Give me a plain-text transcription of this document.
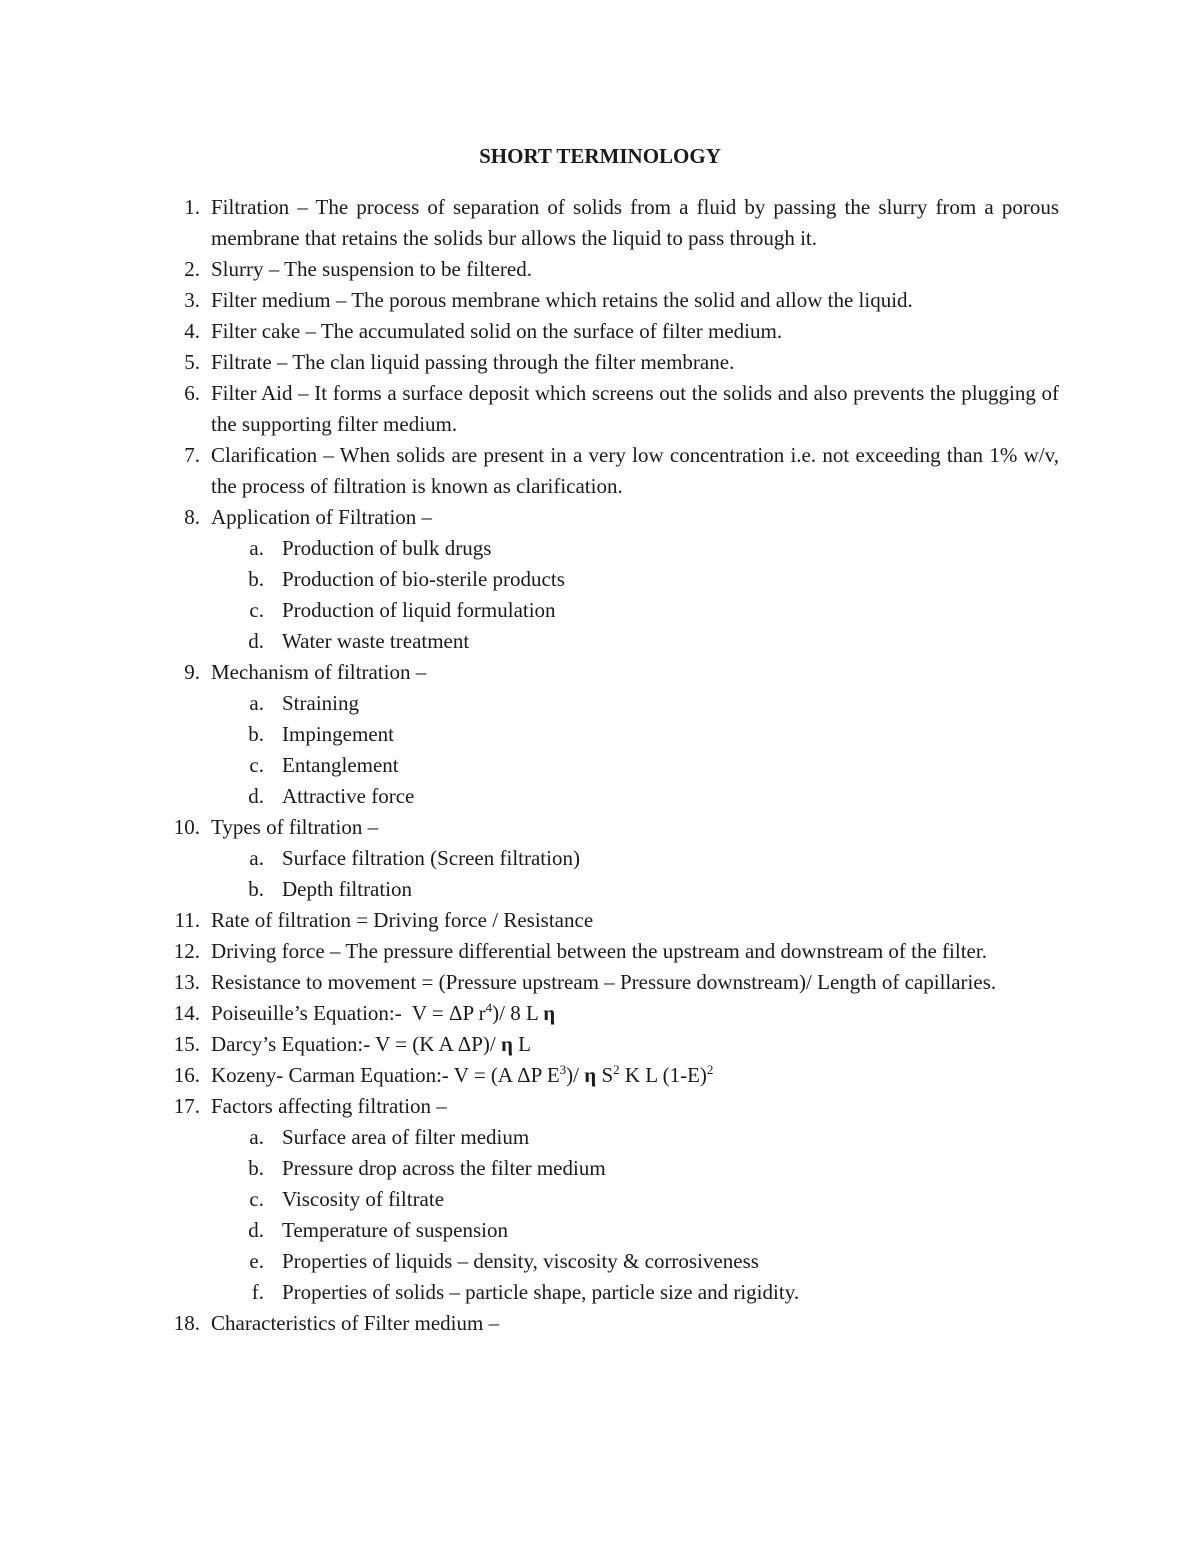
SHORT TERMINOLOGY
1. Filtration – The process of separation of solids from a fluid by passing the slurry from a porous membrane that retains the solids bur allows the liquid to pass through it.
2. Slurry – The suspension to be filtered.
3. Filter medium – The porous membrane which retains the solid and allow the liquid.
4. Filter cake – The accumulated solid on the surface of filter medium.
5. Filtrate – The clan liquid passing through the filter membrane.
6. Filter Aid – It forms a surface deposit which screens out the solids and also prevents the plugging of the supporting filter medium.
7. Clarification – When solids are present in a very low concentration i.e. not exceeding than 1% w/v, the process of filtration is known as clarification.
8. Application of Filtration –
a. Production of bulk drugs
b. Production of bio-sterile products
c. Production of liquid formulation
d. Water waste treatment
9. Mechanism of filtration –
a. Straining
b. Impingement
c. Entanglement
d. Attractive force
10. Types of filtration –
a. Surface filtration (Screen filtration)
b. Depth filtration
11. Rate of filtration = Driving force / Resistance
12. Driving force – The pressure differential between the upstream and downstream of the filter.
13. Resistance to movement = (Pressure upstream – Pressure downstream)/ Length of capillaries.
14. Poiseuille’s Equation:- V = ΔP $r^4)/$ 8 L η
15. Darcy’s Equation:- V = (K A ΔP)/ η L
16. Kozeny- Carman Equation:- V = (A ΔP $E^3)/$ η $S^2$ K L $(1-E)^2$
17. Factors affecting filtration –
a. Surface area of filter medium
b. Pressure drop across the filter medium
c. Viscosity of filtrate
d. Temperature of suspension
e. Properties of liquids – density, viscosity & corrosiveness
f. Properties of solids – particle shape, particle size and rigidity.
18. Characteristics of Filter medium –
